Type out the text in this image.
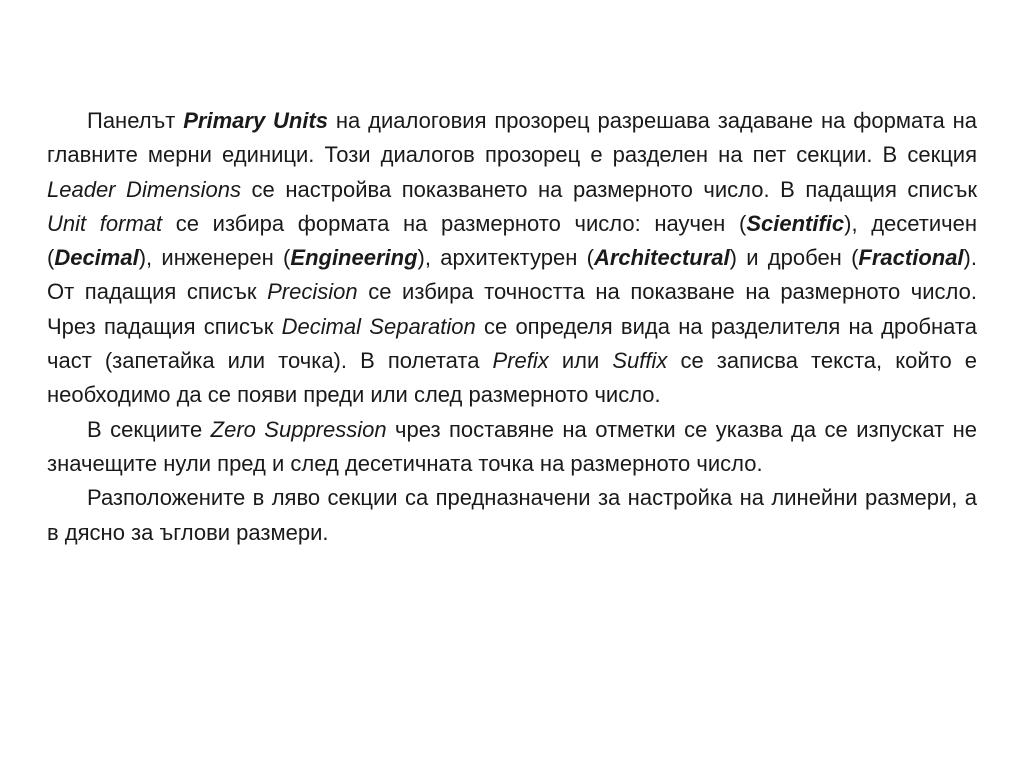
Панелът Primary Units на диалоговия прозорец разрешава задаване на формата на главните мерни единици. Този диалогов прозорец е разделен на пет секции. В секция Leader Dimensions се настройва показването на размерното число. В падащия списък Unit format се избира формата на размерното число: научен (Scientific), десетичен (Decimal), инженерен (Engineering), архитектурен (Architectural) и дробен (Fractional). От падащия списък Precision се избира точността на показване на размерното число. Чрез падащия списък Decimal Separation се определя вида на разделителя на дробната част (запетайка или точка). В полетата Prefix или Suffix се записва текста, който е необходимо да се появи преди или след размерното число.

В секциите Zero Suppression чрез поставяне на отметки се указва да се изпускат не значещите нули пред и след десетичната точка на размерното число.

Разположените в ляво секции са предназначени за настройка на линейни размери, а в дясно за ъглови размери.
